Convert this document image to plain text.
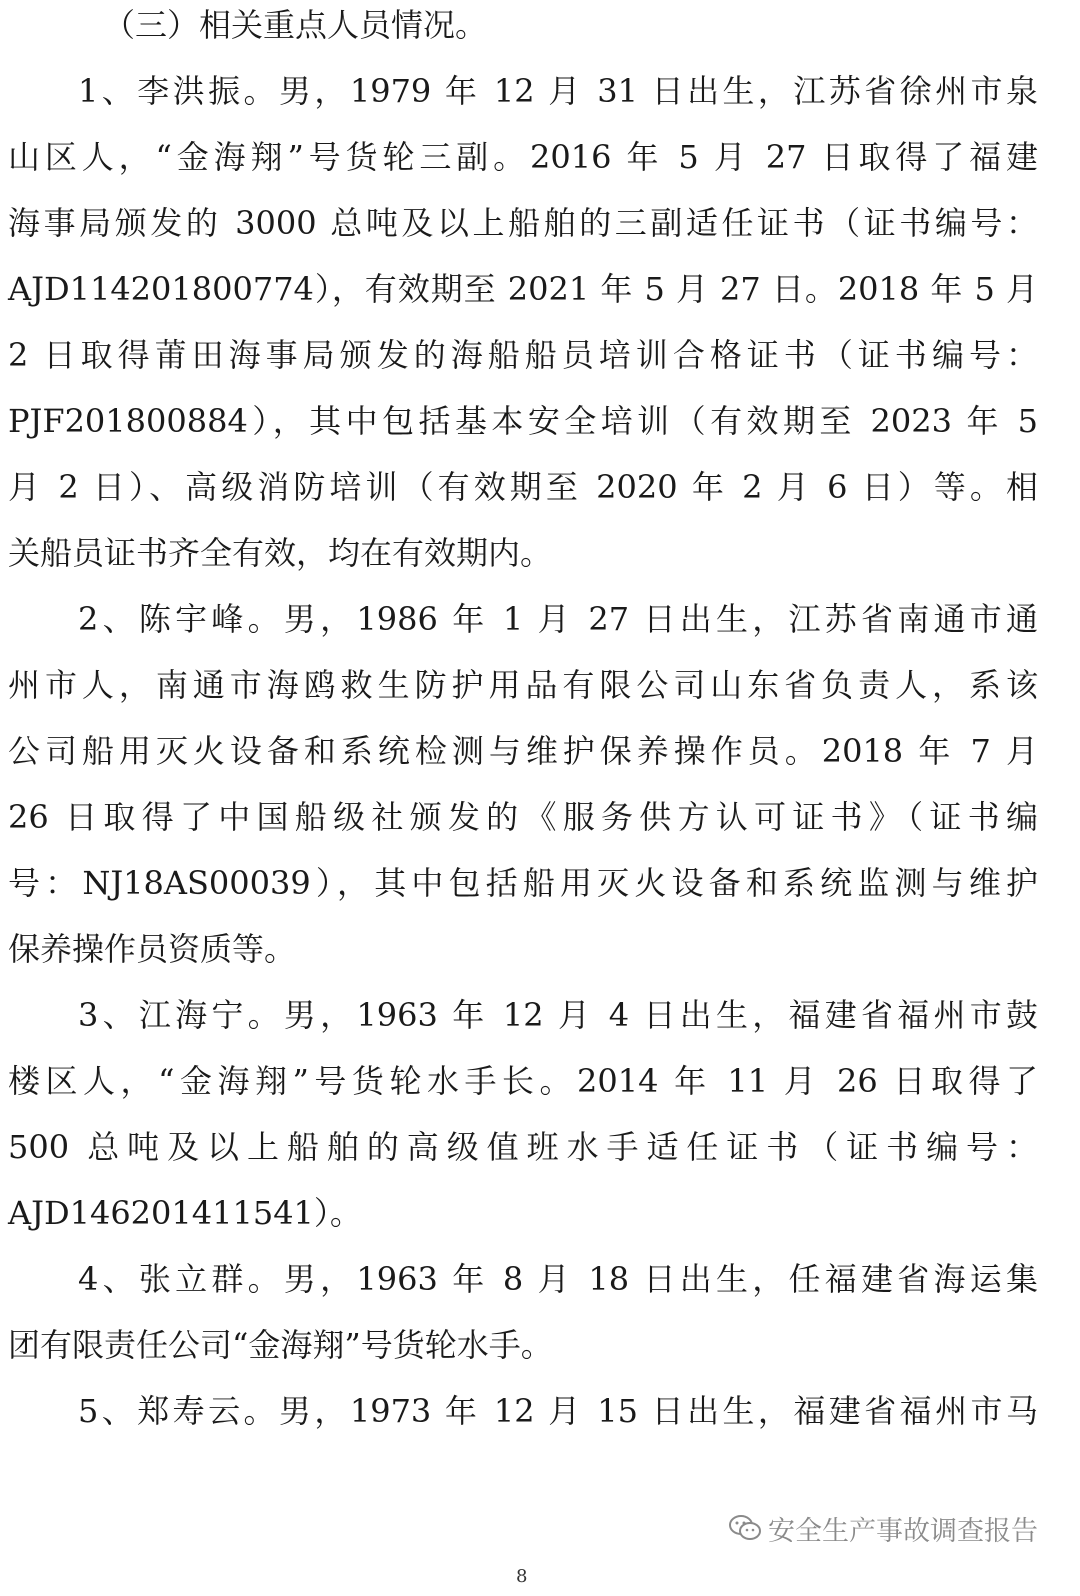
（三）相关重点人员情况。
1、李洪振。男，1979 年 12 月 31 日出生，江苏省徐州市泉
山区人，“金海翔”号货轮三副。2016 年 5 月 27 日取得了福建
海事局颁发的 3000 总吨及以上船舶的三副适任证书（证书编号：
AJD114201800774），有效期至 2021 年 5 月 27 日。2018 年 5 月
2 日取得莆田海事局颁发的海船船员培训合格证书（证书编号：
PJF201800884），其中包括基本安全培训（有效期至 2023 年 5
月 2 日）、高级消防培训（有效期至 2020 年 2 月 6 日）等。相
关船员证书齐全有效，均在有效期内。
2、陈宇峰。男，1986 年 1 月 27 日出生，江苏省南通市通
州市人，南通市海鸥救生防护用品有限公司山东省负责人，系该
公司船用灭火设备和系统检测与维护保养操作员。2018 年 7 月
26 日取得了中国船级社颁发的《服务供方认可证书》（证书编
号：NJ18AS00039），其中包括船用灭火设备和系统监测与维护
保养操作员资质等。
3、江海宁。男，1963 年 12 月 4 日出生，福建省福州市鼓
楼区人，“金海翔”号货轮水手长。2014 年 11 月 26 日取得了
500 总吨及以上船舶的高级值班水手适任证书（证书编号：
AJD146201411541）。
4、张立群。男，1963 年 8 月 18 日出生，任福建省海运集
团有限责任公司“金海翔”号货轮水手。
5、郑寿云。男，1973 年 12 月 15 日出生，福建省福州市马
安全生产事故调查报告
8
